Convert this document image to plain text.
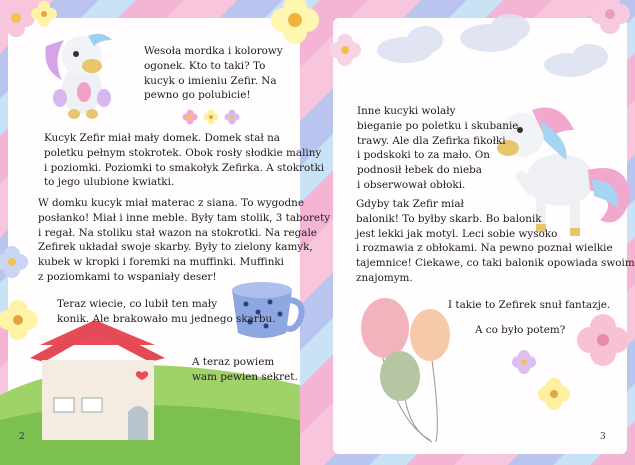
Wesoła mordka i kolorowy
ogonek. Kto to taki? To
kucyk o imieniu Zefir. Na
pewno go polubicie!
Kucyk Zefir miał mały domek. Domek stał na
poletku pełnym stokrotek. Obok rosły słodkie maliny
i poziomki. Poziomki to smakołyk Zefirka. A stokrotki
to jego ulubione kwiatki.
W domku kucyk miał materac z siana. To wygodne
posłanko! Miał i inne meble. Były tam stolik, 3 taborety
i regał. Na stoliku stał wazon na stokrotki. Na regale
Zefirek układał swoje skarby. Były to zielony kamyk,
kubek w kropki i foremki na muffinki. Muffinki
z poziomkami to wspaniały deser!
Teraz wiecie, co lubił ten mały
konik. Ale brakowało mu jednego skarbu.
A teraz powiem
wam pewien sekret.
2
Inne kucyki wolały
bieganie po poletku i skubanie
trawy. Ale dla Zefirka fikołki
i podskoki to za mało. On
podnosił łebek do nieba
i obserwował obłoki.
Gdyby tak Zefir miał
balonik! To byłby skarb. Bo balonik
jest lekki jak motyl. Leci sobie wysoko
i rozmawia z obłokami. Na pewno poznał wielkie
tajemnice! Ciekawe, co taki balonik opowiada swoim
znajomym.
I takie to Zefirek snuł fantazje.
A co było potem?
3
